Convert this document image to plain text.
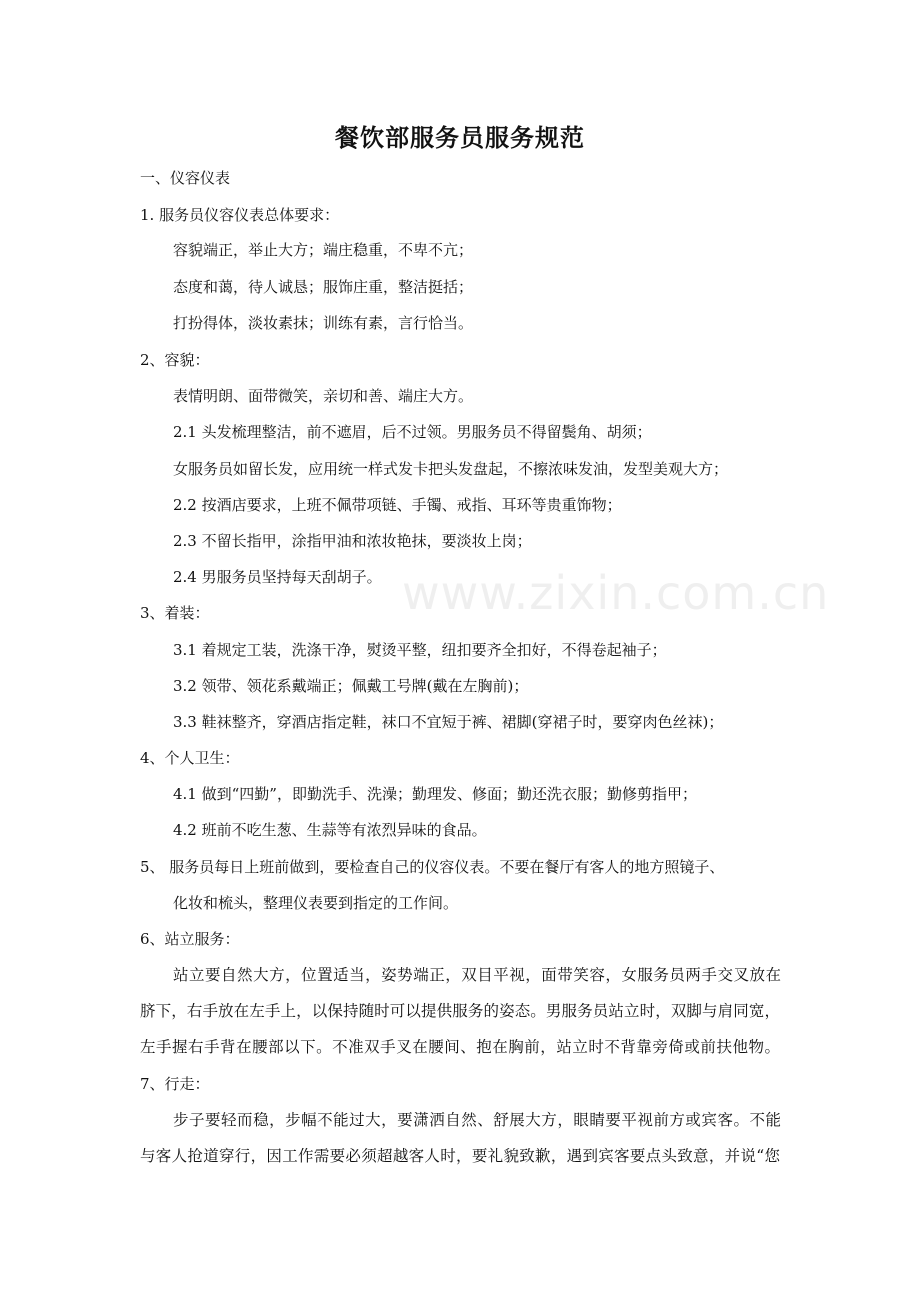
www.zixin.com.cn
餐饮部服务员服务规范
一、仪容仪表
1. 服务员仪容仪表总体要求：
容貌端正，举止大方；端庄稳重，不卑不亢；
态度和蔼，待人诚恳；服饰庄重，整洁挺括；
打扮得体，淡妆素抹；训练有素，言行恰当。
2、容貌：
表情明朗、面带微笑，亲切和善、端庄大方。
2.1 头发梳理整洁，前不遮眉，后不过领。男服务员不得留鬓角、胡须；
女服务员如留长发，应用统一样式发卡把头发盘起，不擦浓味发油，发型美观大方；
2.2 按酒店要求，上班不佩带项链、手镯、戒指、耳环等贵重饰物；
2.3 不留长指甲，涂指甲油和浓妆艳抹，要淡妆上岗；
2.4 男服务员坚持每天刮胡子。
3、着装：
3.1 着规定工装，洗涤干净，熨烫平整，纽扣要齐全扣好，不得卷起袖子；
3.2 领带、领花系戴端正；佩戴工号牌(戴在左胸前)；
3.3 鞋袜整齐，穿酒店指定鞋，袜口不宜短于裤、裙脚(穿裙子时，要穿肉色丝袜)；
4、个人卫生：
4.1 做到“四勤”，即勤洗手、洗澡；勤理发、修面；勤还洗衣服；勤修剪指甲；
4.2 班前不吃生葱、生蒜等有浓烈异味的食品。
5、 服务员每日上班前做到，要检查自己的仪容仪表。不要在餐厅有客人的地方照镜子、
化妆和梳头，整理仪表要到指定的工作间。
6、站立服务：
站立要自然大方，位置适当，姿势端正，双目平视，面带笑容，女服务员两手交叉放在
脐下，右手放在左手上，以保持随时可以提供服务的姿态。男服务员站立时，双脚与肩同宽，
左手握右手背在腰部以下。不准双手叉在腰间、抱在胸前，站立时不背靠旁倚或前扶他物。
7、行走：
步子要轻而稳，步幅不能过大，要潇洒自然、舒展大方，眼睛要平视前方或宾客。不能
与客人抢道穿行，因工作需要必须超越客人时，要礼貌致歉，遇到宾客要点头致意，并说“您
